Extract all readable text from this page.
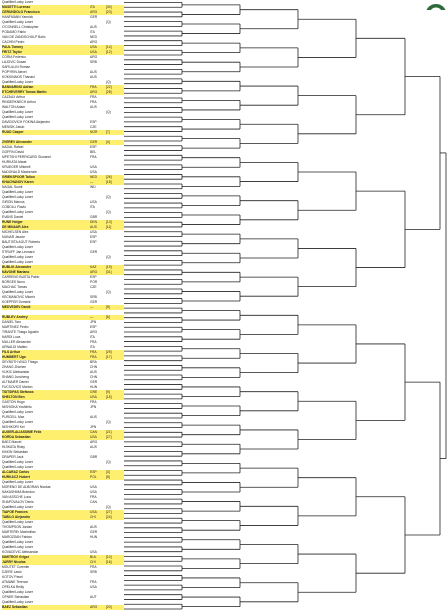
Qualifier/Lucky Loser
MUSETTI Lorenzo	ITA	[30]
CERUNDOLO Francisco	ARG	[23]
HANFMANN Yannick	GER
Qualifier/Lucky Loser	(Q)
O'CONNELL Christopher	AUS
PODAMO Fabio	ITA
VAN DE ZANDSCHULP Botic	NED
CACHIN Pedro	ARG
PAUL Tommy	USA	[14]
FRITZ Taylor	USA	[12]
CORIA Federico	ARG
LAJOVIC Dusan	SRB
SAFIULLIN Roman
POPYRIN Alexei	AUS
KOKKINAKIS Thanasi	AUS
Qualifier/Lucky Loser	(Q)
BANNARINO Adrian	FRA	[22]
ETCHEVERRY Tomas Martin	ARG	[28]
CAZAUX Arthur	FRA
RINDERKNECH Arthur	FRA
WALTON Adam	AUS
Qualifier/Lucky Loser	(Q)
Qualifier/Lucky Loser
DAVIDOVICH FOKINA Alejandro	ESP
MENSIK Jakub	CZE
RUUD Casper	NOR	[7]
ZVEREV Alexander	GER	[4]
NADAL Rafael	ESP
GOFFIN David	BEL
MPETSHI PERRICARD Giovanni	FRA
HURKATA Marat
KRUEGER Mitchell	USA
McDONALD Mackenzie	USA
GRIEKSPOOR Tallon	NED	[26]
KHACHANOV Karen	—	[18]
NAGAL Sumit	IND
Qualifier/Lucky Loser
Qualifier/Lucky Loser	(Q)
GIRON Marcos	USA
COBOLLI Flavio	ITA
Qualifier/Lucky Loser	(Q)
EVANS Daniel	GBR
RUNE Holger	DEN	[13]
DE MINAUR Alex	AUS	[11]
MICHELSEN Alex	USA
MUNAR Jaume	ESP
BAUTISTA AGUT Roberto	ESP
Qualifier/Lucky Loser
STRUFF Jan-Lennard	GER
Qualifier/Lucky Loser	(Q)
Qualifier/Lucky Loser
BUBLIK Alexander	KAZ	[19]
NAVONE Mariano	ARG	[31]
CARRENO BUSTA Pablo	ESP
BORGES Nuno	POR
MACHAC Tomas	CZE
Qualifier/Lucky Loser	(Q)
KECMANOVIC Miomir	SRB
KOEPFER Dominik	GER
MEDVEDEV Daniil	—	[5]
RUBLEV Andrey	—	[6]
DANIEL Taro	JPN
MARTINEZ Pedro	ESP
TIRANTE Thiago Agustin	ARG
NARDI Luca	ITA
MULLER Alexandre	FRA
ARNALDI Matteo	ITA
FILS Arthur	FRA	[29]
HUMBERT Ugo	FRA	[17]
SEYBOTH WILD Thiago	BRA
ZHANG Zhizhen	CHN
VUKIC Aleksandar	AUS
SHANG Juncheng	CHN
ALTMAIER Daniel	GER
FUCSOVICS Marton	HUN
TSITSIPAS Stefanos	GRE	[9]
SHELTON Ben	USA	[15]
GASTON Hugo	FRA
NISHIOKA Yoshihito	JPN
Qualifier/Lucky Loser
PURCELL Max	AUS
Qualifier/Lucky Loser	(Q)
NISHIKORI Kei	JPN
AUGER-ALIASSIME Felix	CAN	[21]
KORDA Sebastian	USA	[27]
BAEZ Marcel	ARG
HIJIKATA Rinky	AUS
KINON Sebastian
DRAPER Jack	GBR
Qualifier/Lucky Loser	(Q)
Qualifier/Lucky Loser
ALCARAZ Carlos	ESP	[3]
HURKACZ Hubert	POL	[8]
Qualifier/Lucky Loser
MORENO DE ALBORAN Nicolas	USA
NAKASHIMA Brandon	USA
VAN ASSCHE Luca	FRA
SHAPOVALOV Denis	CAN
Qualifier/Lucky Loser	(Q)
TIAFOE Frances	USA	[27]
TABILO Alejandro	CHI	[24]
Qualifier/Lucky Loser
THOMPSON Jordan	AUS
MARTEREr Maximilian	GER
MAROZSAN Fabian	HUN
Qualifier/Lucky Loser
Qualifier/Lucky Loser
KOVACEVIC Aleksandar	USA
DIMITROV Grigor	BUL	[10]
JARRY Nicolas	CHI	[16]
MOUTET Corentin	FRA
DJERE Laslo	SRB
KOTOV Pavel
ATMANE Terence	FRA
OPELKA Reilly	USA
Qualifier/Lucky Loser
OFNER Sebastian	AUT
Qualifier/Lucky Loser
BAEZ Sebastian	ARG	[20]
